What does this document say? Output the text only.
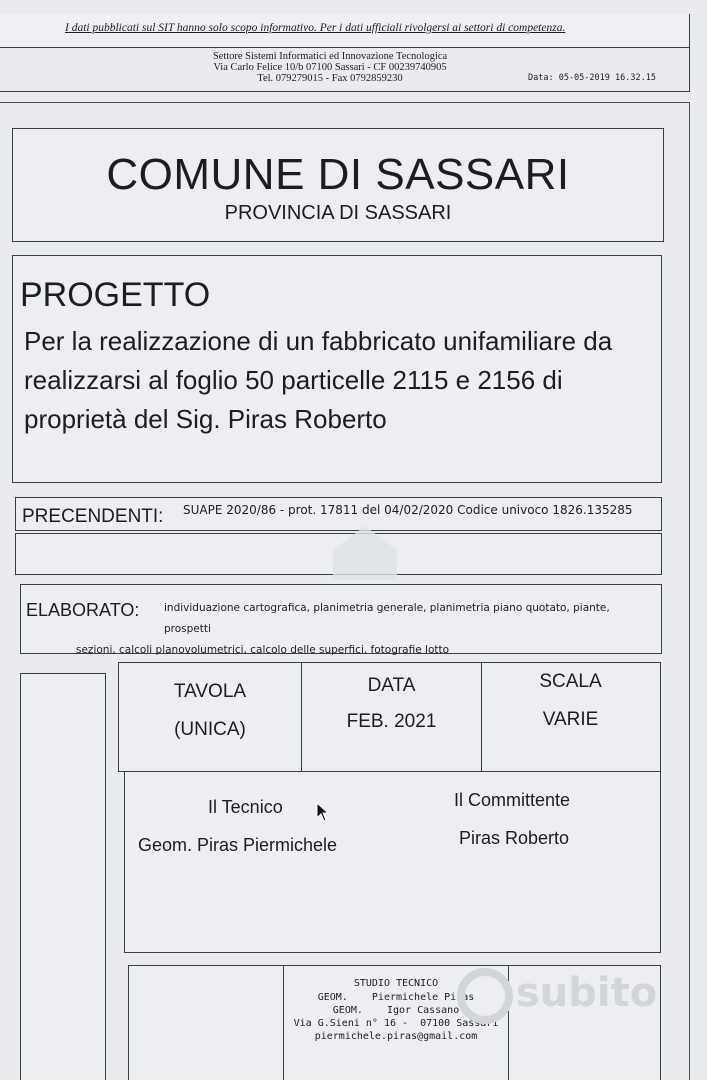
I dati pubblicati sul SIT hanno solo scopo informativo. Per i dati ufficiali rivolgersi ai settori di competenza.
Settore Sistemi Informatici ed Innovazione Tecnologica
Via Carlo Felice 10/b 07100 Sassari - CF 00239740905
Tel. 079279015 - Fax 0792859230	Data: 05-05-2019 16.32.15
COMUNE DI SASSARI
PROVINCIA DI SASSARI
PROGETTO
Per la realizzazione di un fabbricato unifamiliare da
realizzarsi al foglio 50 particelle 2115 e 2156 di
proprietà del Sig. Piras Roberto
PRECENDENTI: SUAPE 2020/86 - prot. 17811 del 04/02/2020 Codice univoco 1826.135285
ELABORATO: individuazione cartografica, planimetria generale, planimetria piano quotato, piante, prospetti
sezioni, calcoli planovolumetrici, calcolo delle superfici, fotografie lotto
TAVOLA
(UNICA)
DATA
FEB. 2021
SCALA
VARIE
Il Tecnico
Geom. Piras Piermichele
Il Committente
Piras Roberto
STUDIO TECNICO
GEOM.    Piermichele Piras
GEOM.    Igor Cassano
Via G.Sieni n° 16 -  07100 Sassari
piermichele.piras@gmail.com
subito
